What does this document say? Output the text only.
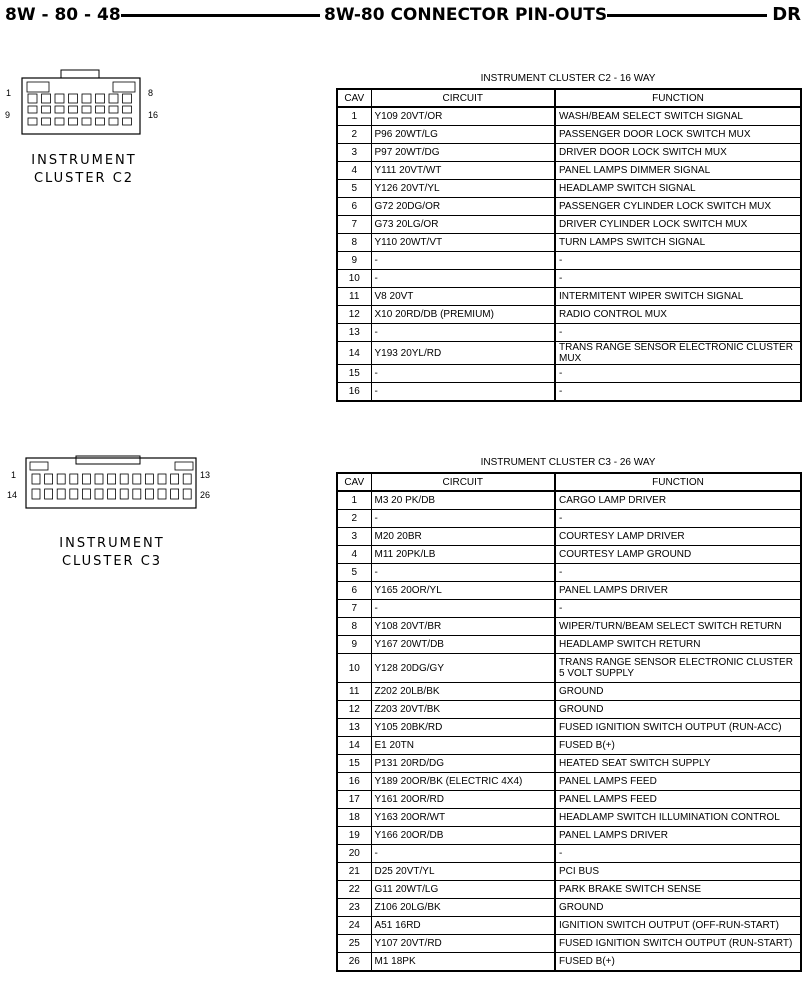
8W - 80 - 48	8W-80 CONNECTOR PIN-OUTS	DR
1	8
9	16
INSTRUMENT
CLUSTER C2
1	13
14	26
INSTRUMENT
CLUSTER C3
INSTRUMENT CLUSTER C2 - 16 WAY
CAV	CIRCUIT	FUNCTION
1	Y109 20VT/OR	WASH/BEAM SELECT SWITCH SIGNAL
2	P96 20WT/LG	PASSENGER DOOR LOCK SWITCH MUX
3	P97 20WT/DG	DRIVER DOOR LOCK SWITCH MUX
4	Y111 20VT/WT	PANEL LAMPS DIMMER SIGNAL
5	Y126 20VT/YL	HEADLAMP SWITCH SIGNAL
6	G72 20DG/OR	PASSENGER CYLINDER LOCK SWITCH MUX
7	G73 20LG/OR	DRIVER CYLINDER LOCK SWITCH MUX
8	Y110 20WT/VT	TURN LAMPS SWITCH SIGNAL
9	-	-
10	-	-
11	V8 20VT	INTERMITENT WIPER SWITCH SIGNAL
12	X10 20RD/DB (PREMIUM)	RADIO CONTROL MUX
13	-	-
14	Y193 20YL/RD	TRANS RANGE SENSOR ELECTRONIC CLUSTER MUX
15	-	-
16	-	-
INSTRUMENT CLUSTER C3 - 26 WAY
CAV	CIRCUIT	FUNCTION
1	M3 20 PK/DB	CARGO LAMP DRIVER
2	-	-
3	M20 20BR	COURTESY LAMP DRIVER
4	M11 20PK/LB	COURTESY LAMP GROUND
5	-	-
6	Y165 20OR/YL	PANEL LAMPS DRIVER
7	-	-
8	Y108 20VT/BR	WIPER/TURN/BEAM SELECT SWITCH RETURN
9	Y167 20WT/DB	HEADLAMP SWITCH RETURN
10	Y128 20DG/GY	TRANS RANGE SENSOR ELECTRONIC CLUSTER 5 VOLT SUPPLY
11	Z202 20LB/BK	GROUND
12	Z203 20VT/BK	GROUND
13	Y105 20BK/RD	FUSED IGNITION SWITCH OUTPUT (RUN-ACC)
14	E1 20TN	FUSED B(+)
15	P131 20RD/DG	HEATED SEAT SWITCH SUPPLY
16	Y189 20OR/BK (ELECTRIC 4X4)	PANEL LAMPS FEED
17	Y161 20OR/RD	PANEL LAMPS FEED
18	Y163 20OR/WT	HEADLAMP SWITCH ILLUMINATION CONTROL
19	Y166 20OR/DB	PANEL LAMPS DRIVER
20	-	-
21	D25 20VT/YL	PCI BUS
22	G11 20WT/LG	PARK BRAKE SWITCH SENSE
23	Z106 20LG/BK	GROUND
24	A51 16RD	IGNITION SWITCH OUTPUT (OFF-RUN-START)
25	Y107 20VT/RD	FUSED IGNITION SWITCH OUTPUT (RUN-START)
26	M1 18PK	FUSED B(+)
